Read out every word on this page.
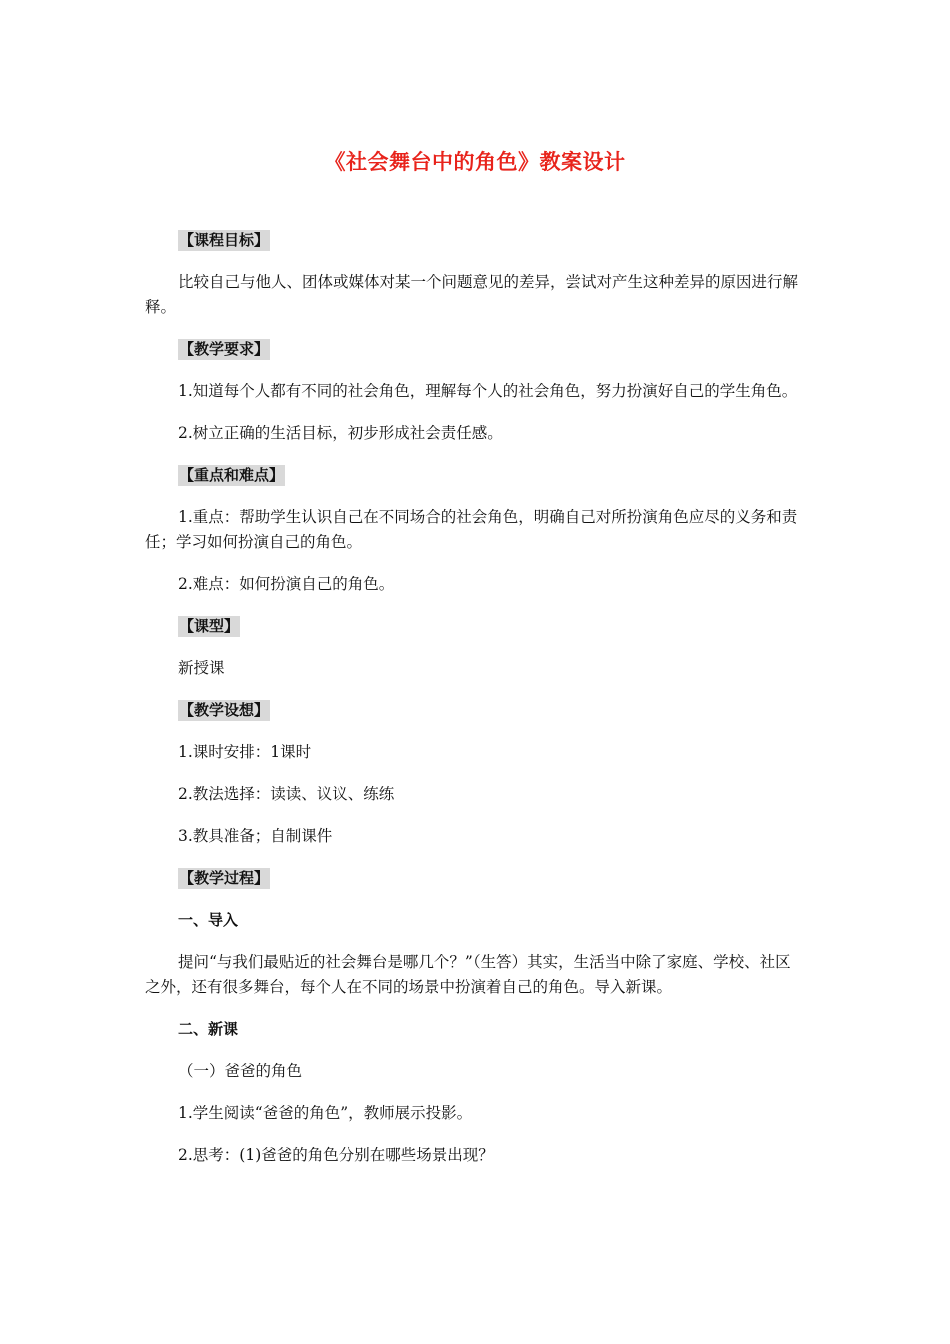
《社会舞台中的角色》教案设计
【课程目标】

比较自己与他人、团体或媒体对某一个问题意见的差异，尝试对产生这种差异的原因进行解释。

【教学要求】

1.知道每个人都有不同的社会角色，理解每个人的社会角色，努力扮演好自己的学生角色。

2.树立正确的生活目标，初步形成社会责任感。

【重点和难点】

1.重点：帮助学生认识自己在不同场合的社会角色，明确自己对所扮演角色应尽的义务和责任；学习如何扮演自己的角色。

2.难点：如何扮演自己的角色。

【课型】

新授课

【教学设想】

1.课时安排：1课时

2.教法选择：读读、议议、练练

3.教具准备；自制课件

【教学过程】

一、导入

提问“与我们最贴近的社会舞台是哪几个？”（生答）其实，生活当中除了家庭、学校、社区之外，还有很多舞台，每个人在不同的场景中扮演着自己的角色。导入新课。

二、新课

（一）爸爸的角色

1.学生阅读“爸爸的角色”，教师展示投影。

2.思考：(1)爸爸的角色分别在哪些场景出现？
